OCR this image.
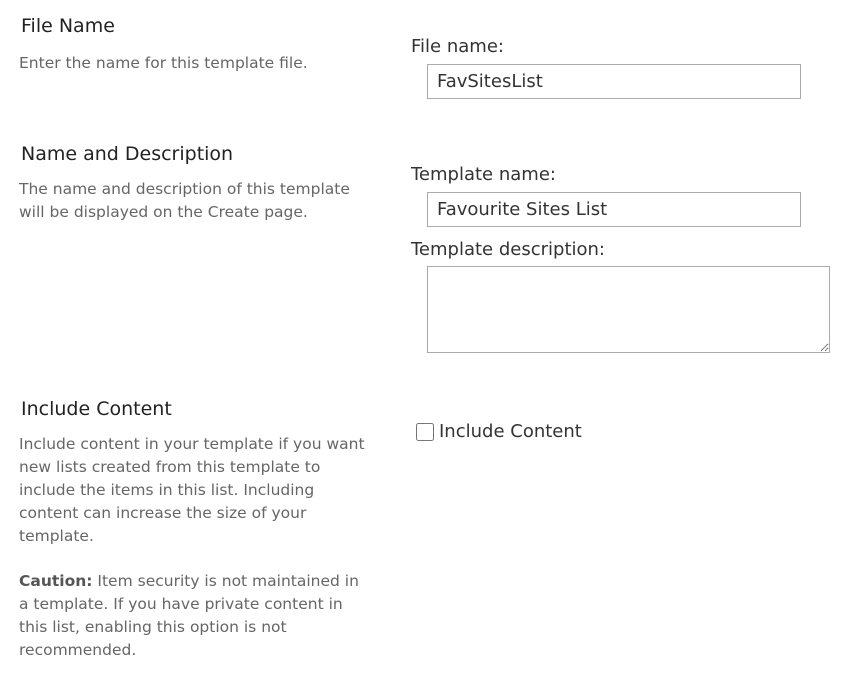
File Name

Enter the name for this template file.

File name:
FavSitesList
Name and Description

The name and description of this template will be displayed on the Create page.

Template name:
Favourite Sites List
Template description:
Include Content

Include content in your template if you want new lists created from this template to include the items in this list. Including content can increase the size of your template.

Caution: Item security is not maintained in a template. If you have private content in this list, enabling this option is not recommended.

Include Content
